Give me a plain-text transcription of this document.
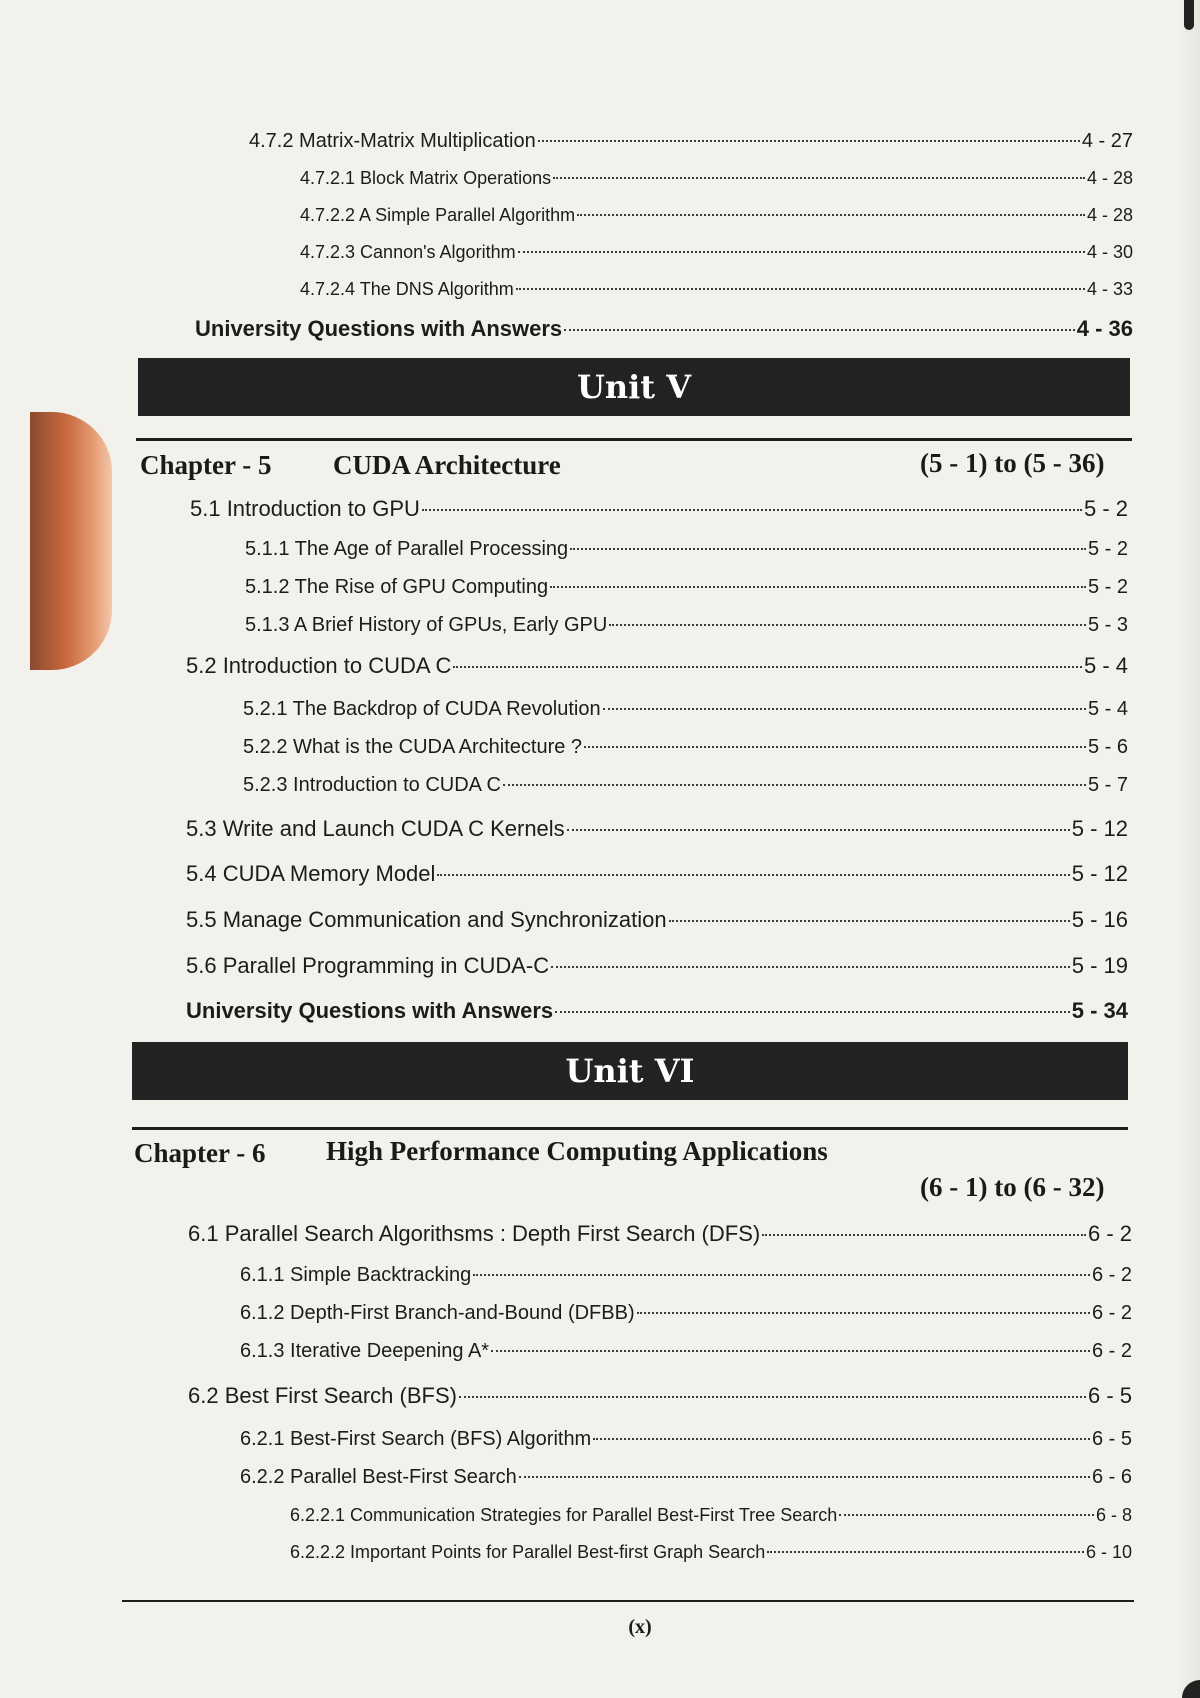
4.7.2 Matrix-Matrix Multiplication	4 - 27
4.7.2.1 Block Matrix Operations	4 - 28
4.7.2.2 A Simple Parallel Algorithm	4 - 28
4.7.2.3 Cannon's Algorithm	4 - 30
4.7.2.4 The DNS Algorithm	4 - 33
University Questions with Answers	4 - 36
Unit V
Chapter - 5 CUDA Architecture	(5 - 1) to (5 - 36)
5.1 Introduction to GPU	5 - 2
5.1.1 The Age of Parallel Processing	5 - 2
5.1.2 The Rise of GPU Computing	5 - 2
5.1.3 A Brief History of GPUs, Early GPU	5 - 3
5.2 Introduction to CUDA C	5 - 4
5.2.1 The Backdrop of CUDA Revolution	5 - 4
5.2.2 What is the CUDA Architecture ?	5 - 6
5.2.3 Introduction to CUDA C	5 - 7
5.3 Write and Launch CUDA C Kernels	5 - 12
5.4 CUDA Memory Model	5 - 12
5.5 Manage Communication and Synchronization	5 - 16
5.6 Parallel Programming in CUDA-C	5 - 19
University Questions with Answers	5 - 34
Unit VI
Chapter - 6 High Performance Computing Applications
(6 - 1) to (6 - 32)
6.1 Parallel Search Algorithsms : Depth First Search (DFS)	6 - 2
6.1.1 Simple Backtracking	6 - 2
6.1.2 Depth-First Branch-and-Bound (DFBB)	6 - 2
6.1.3 Iterative Deepening A*	6 - 2
6.2 Best First Search (BFS)	6 - 5
6.2.1 Best-First Search (BFS) Algorithm	6 - 5
6.2.2 Parallel Best-First Search	6 - 6
6.2.2.1 Communication Strategies for Parallel Best-First Tree Search	6 - 8
6.2.2.2 Important Points for Parallel Best-first Graph Search	6 - 10
(x)
